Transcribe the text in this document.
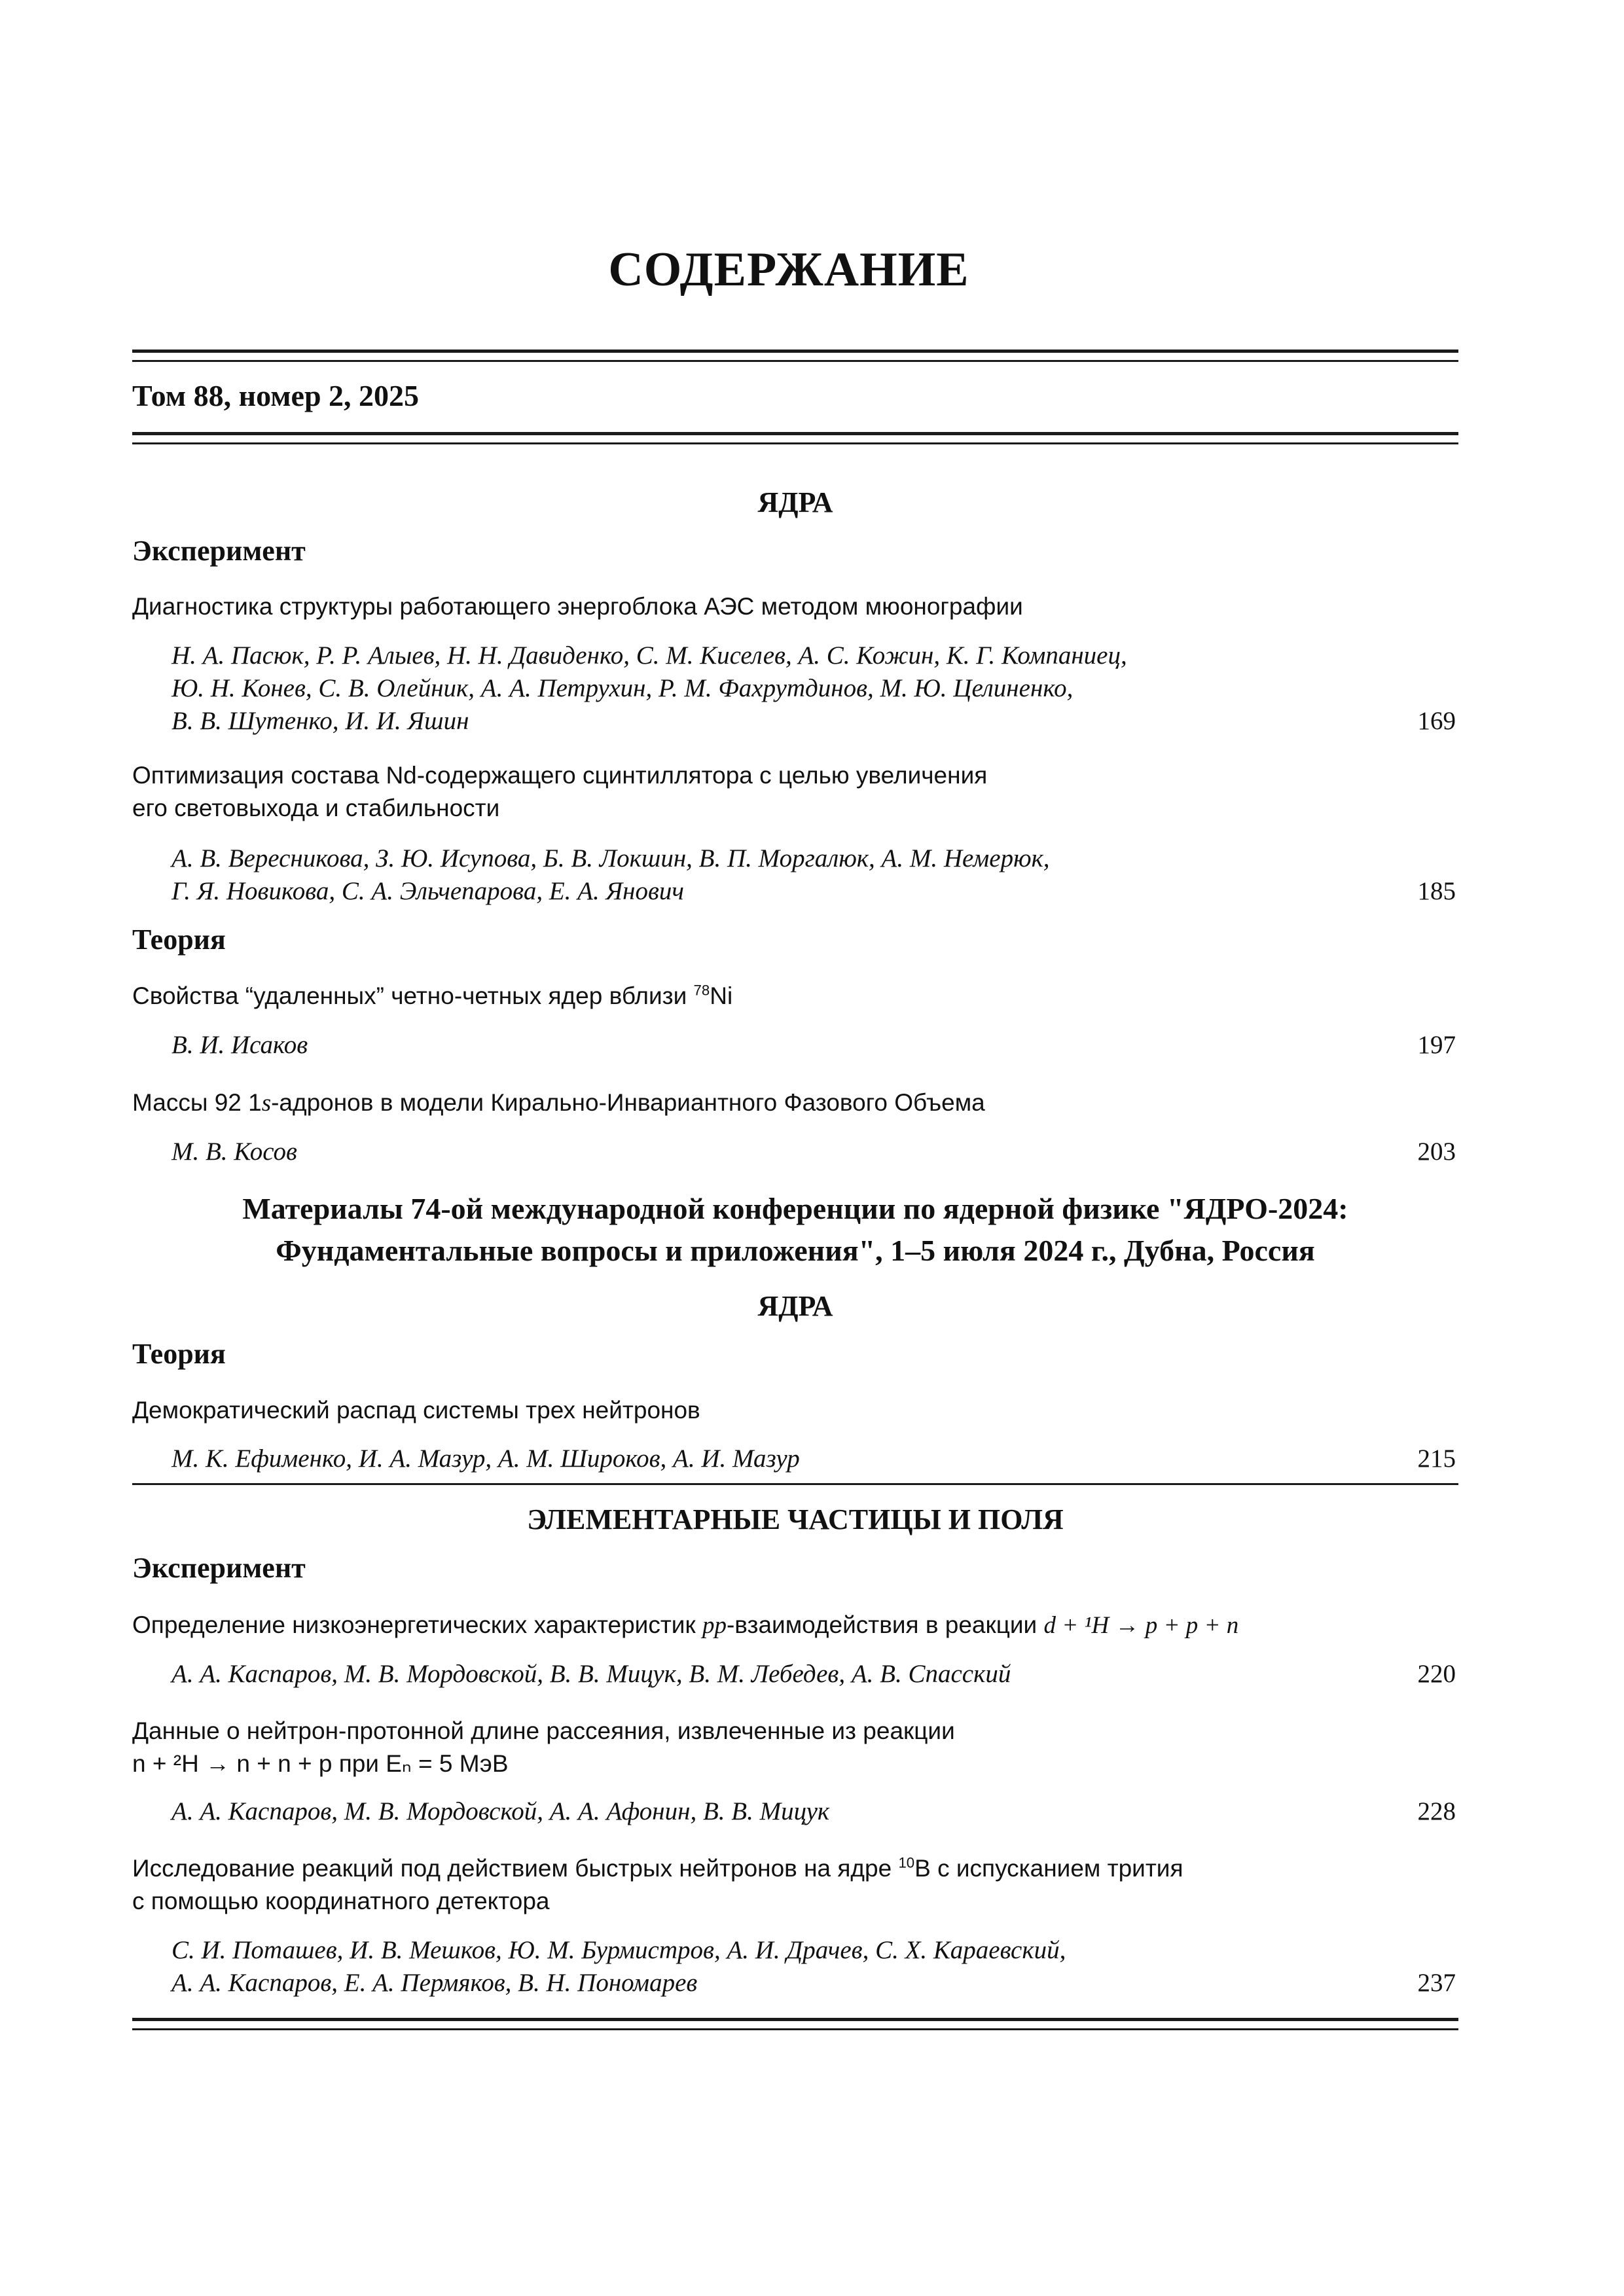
СОДЕРЖАНИЕ
Том 88, номер 2, 2025
ЯДРА
Эксперимент
Диагностика структуры работающего энергоблока АЭС методом мюонографии
Н. А. Пасюк, Р. Р. Алыев, Н. Н. Давиденко, С. М. Киселев, А. С. Кожин, К. Г. Компаниец,
Ю. Н. Конев, С. В. Олейник, А. А. Петрухин, Р. М. Фахрутдинов, М. Ю. Целиненко,
В. В. Шутенко, И. И. Яшин	169
Оптимизация состава Nd-содержащего сцинтиллятора с целью увеличения
его световыхода и стабильности
А. В. Вересникова, З. Ю. Исупова, Б. В. Локшин, В. П. Моргалюк, А. М. Немерюк,
Г. Я. Новикова, С. А. Эльчепарова, Е. А. Янович	185
Теория
Свойства “удаленных” четно-четных ядер вблизи $^{78}$Ni
В. И. Исаков	197
Массы 92 1s-адронов в модели Кирально-Инвариантного Фазового Объема
М. В. Косов	203
Материалы 74-ой международной конференции по ядерной физике "ЯДРО-2024:
Фундаментальные вопросы и приложения", 1–5 июля 2024 г., Дубна, Россия
ЯДРА
Теория
Демократический распад системы трех нейтронов
М. К. Ефименко, И. А. Мазур, А. М. Широков, А. И. Мазур	215
ЭЛЕМЕНТАРНЫЕ ЧАСТИЦЫ И ПОЛЯ
Эксперимент
Определение низкоэнергетических характеристик pp-взаимодействия в реакции d + ¹H → p + p + n
А. А. Каспаров, М. В. Мордовской, В. В. Мицук, В. М. Лебедев, А. В. Спасский	220
Данные о нейтрон-протонной длине рассеяния, извлеченные из реакции
n + ²H → n + n + p при Eₙ = 5 МэВ
А. А. Каспаров, М. В. Мордовской, А. А. Афонин, В. В. Мицук	228
Исследование реакций под действием быстрых нейтронов на ядре $^{10}$B с испусканием трития
с помощью координатного детектора
С. И. Поташев, И. В. Мешков, Ю. М. Бурмистров, А. И. Драчев, С. Х. Караевский,
А. А. Каспаров, Е. А. Пермяков, В. Н. Пономарев	237
